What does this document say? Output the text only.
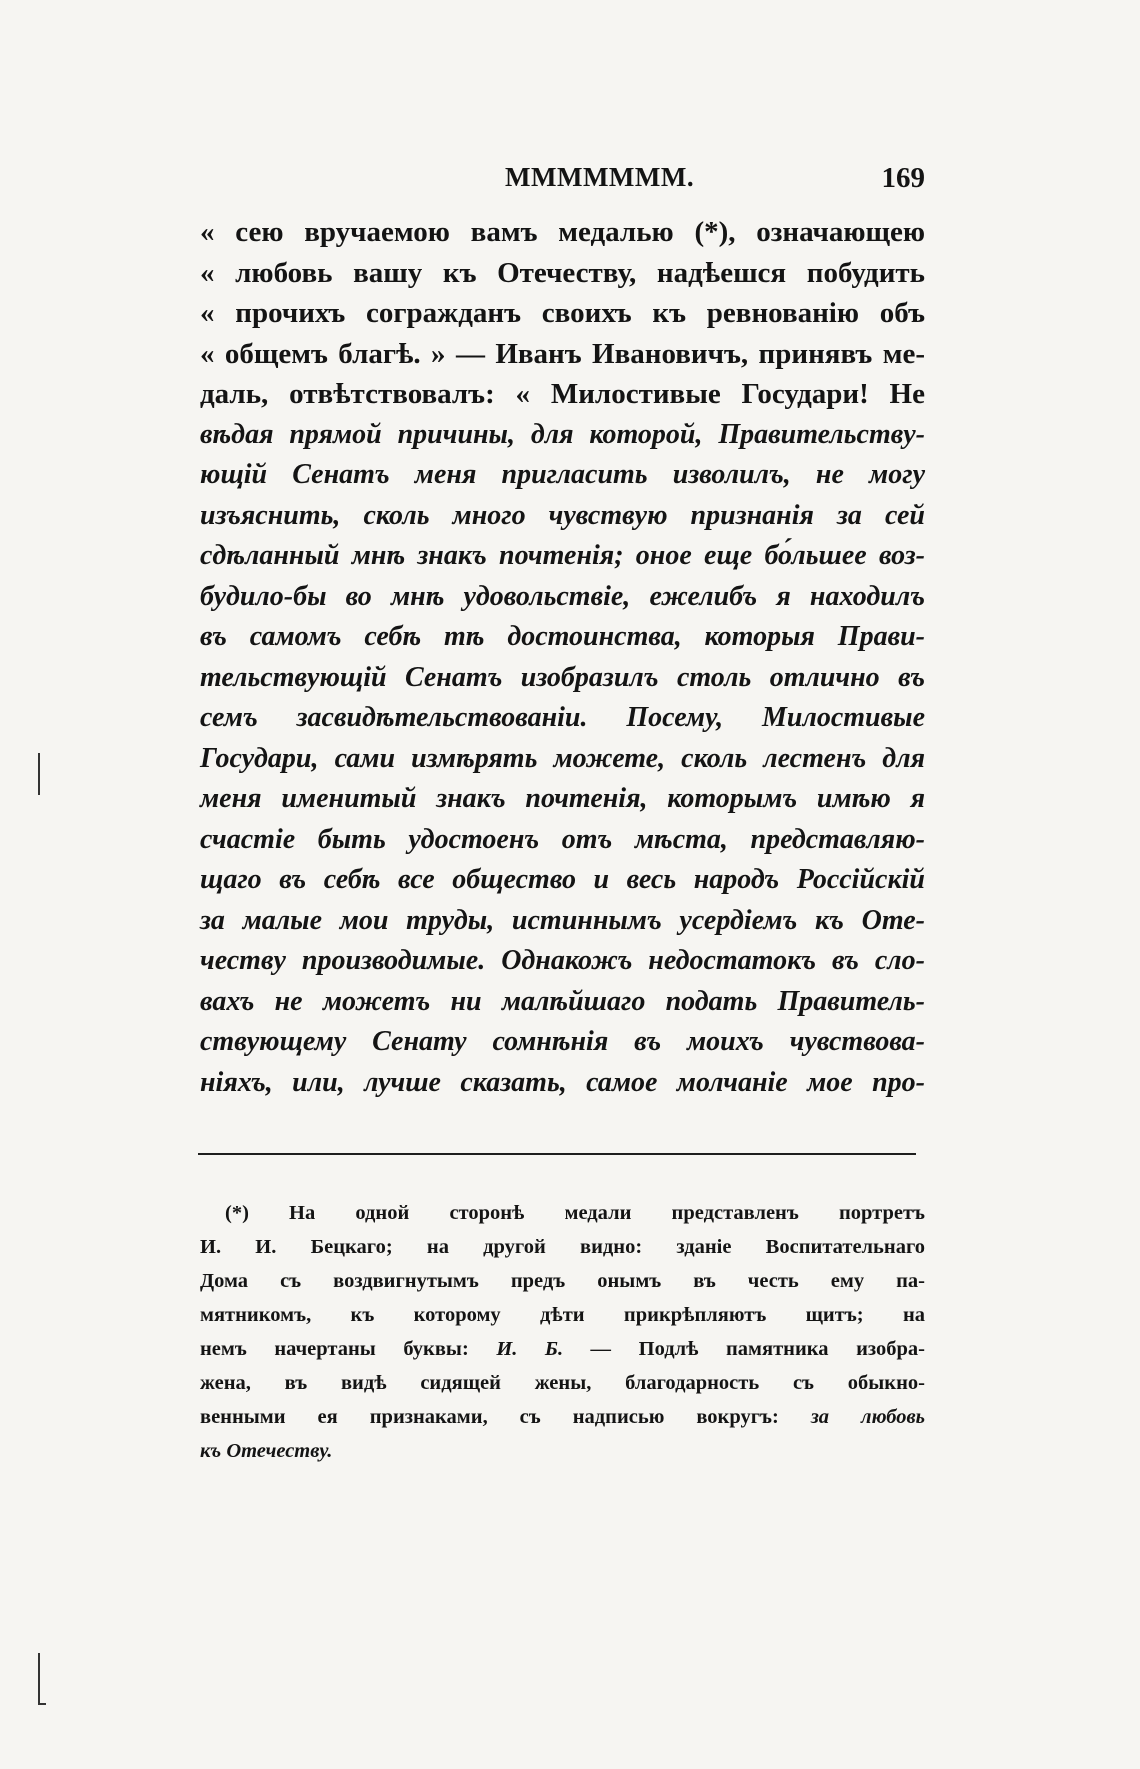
ΜΜΜΜΜΜΜ.	169
« сею вручаемою вамъ медалью (*), означающею
« любовь вашу къ Отечеству, надѣешся побудить
« прочихъ согражданъ своихъ къ ревнованію объ
« общемъ благѣ. » — Иванъ Ивановичъ, принявъ ме-
даль, отвѣтствовалъ: « Милостивые Государи! Не
вѣдая прямой причины, для которой, Правительству-
ющій Сенатъ меня пригласить изволилъ, не могу
изъяснить, сколь много чувствую признанія за сей
сдѣланный мнѣ знакъ почтенія; оное еще бо́льшее воз-
будило-бы во мнѣ удовольствіе, ежелибъ я находилъ
въ самомъ себѣ тѣ достоинства, которыя Прави-
тельствующій Сенатъ изобразилъ столь отлично въ
семъ засвидѣтельствованіи. Посему, Милостивые
Государи, сами измѣрять можете, сколь лестенъ для
меня именитый знакъ почтенія, которымъ имѣю я
счастіе быть удостоенъ отъ мѣста, представляю-
щаго въ себѣ все общество и весь народъ Россійскій
за малые мои труды, истиннымъ усердіемъ къ Оте-
честву производимые. Однакожъ недостатокъ въ сло-
вахъ не можетъ ни малѣйшаго подать Правитель-
ствующему Сенату сомнѣнія въ моихъ чувствова-
ніяхъ, или, лучше сказать, самое молчаніе мое про-
(*) На одной сторонѣ медали представленъ портретъ
И. И. Бецкаго; на другой видно: зданіе Воспитательнаго
Дома съ воздвигнутымъ предъ онымъ въ честь ему па-
мятникомъ, къ которому дѣти прикрѣпляютъ щитъ; на
немъ начертаны буквы: И. Б. — Подлѣ памятника изобра-
жена, въ видѣ сидящей жены, благодарность съ обыкно-
венными ея признаками, съ надписью вокругъ: за любовь
къ Отечеству.
